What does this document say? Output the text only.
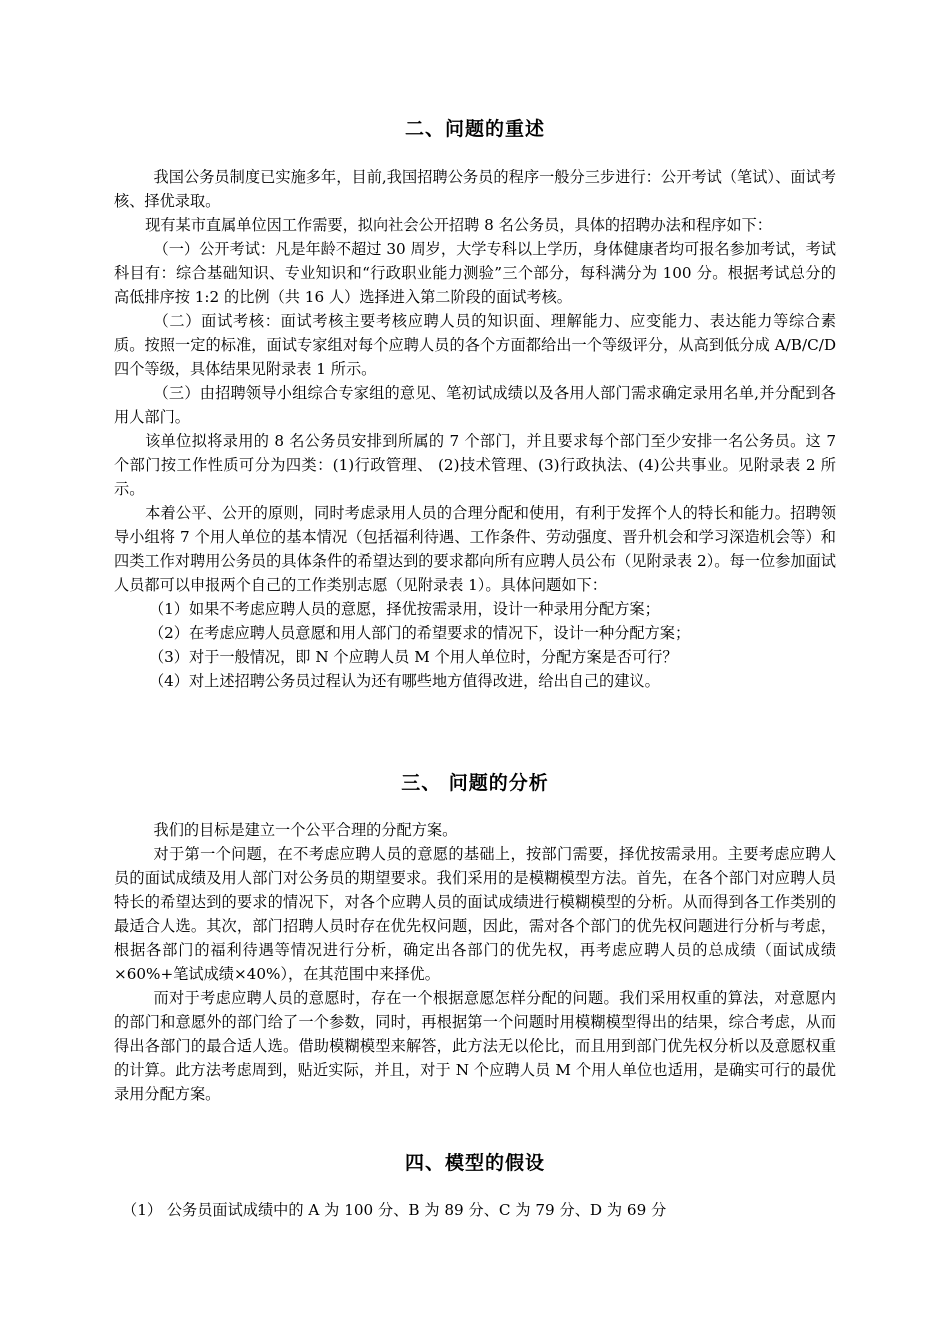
二、问题的重述

我国公务员制度已实施多年，目前,我国招聘公务员的程序一般分三步进行：公开考试（笔试）、面试考核、择优录取。

现有某市直属单位因工作需要，拟向社会公开招聘 8 名公务员，具体的招聘办法和程序如下：

（一）公开考试：凡是年龄不超过 30 周岁，大学专科以上学历，身体健康者均可报名参加考试，考试科目有：综合基础知识、专业知识和“行政职业能力测验”三个部分，每科满分为 100 分。根据考试总分的高低排序按 1:2 的比例（共 16 人）选择进入第二阶段的面试考核。

（二）面试考核：面试考核主要考核应聘人员的知识面、理解能力、应变能力、表达能力等综合素质。按照一定的标准，面试专家组对每个应聘人员的各个方面都给出一个等级评分，从高到低分成 A/B/C/D 四个等级，具体结果见附录表 1 所示。

（三）由招聘领导小组综合专家组的意见、笔初试成绩以及各用人部门需求确定录用名单,并分配到各用人部门。

该单位拟将录用的 8 名公务员安排到所属的 7 个部门，并且要求每个部门至少安排一名公务员。这 7 个部门按工作性质可分为四类：(1)行政管理、 (2)技术管理、(3)行政执法、(4)公共事业。见附录表 2 所示。

本着公平、公开的原则，同时考虑录用人员的合理分配和使用，有利于发挥个人的特长和能力。招聘领导小组将 7 个用人单位的基本情况（包括福利待遇、工作条件、劳动强度、晋升机会和学习深造机会等）和四类工作对聘用公务员的具体条件的希望达到的要求都向所有应聘人员公布（见附录表 2）。每一位参加面试人员都可以申报两个自己的工作类别志愿（见附录表 1）。具体问题如下：

（1）如果不考虑应聘人员的意愿，择优按需录用，设计一种录用分配方案；

（2）在考虑应聘人员意愿和用人部门的希望要求的情况下，设计一种分配方案；

（3）对于一般情况，即 N 个应聘人员 M 个用人单位时，分配方案是否可行？

（4）对上述招聘公务员过程认为还有哪些地方值得改进，给出自己的建议。

三、 问题的分析

我们的目标是建立一个公平合理的分配方案。

对于第一个问题，在不考虑应聘人员的意愿的基础上，按部门需要，择优按需录用。主要考虑应聘人员的面试成绩及用人部门对公务员的期望要求。我们采用的是模糊模型方法。首先，在各个部门对应聘人员特长的希望达到的要求的情况下，对各个应聘人员的面试成绩进行模糊模型的分析。从而得到各工作类别的最适合人选。其次，部门招聘人员时存在优先权问题，因此，需对各个部门的优先权问题进行分析与考虑，根据各部门的福利待遇等情况进行分析，确定出各部门的优先权，再考虑应聘人员的总成绩（面试成绩×60%+笔试成绩×40%），在其范围中来择优。

而对于考虑应聘人员的意愿时，存在一个根据意愿怎样分配的问题。我们采用权重的算法，对意愿内的部门和意愿外的部门给了一个参数，同时，再根据第一个问题时用模糊模型得出的结果，综合考虑，从而得出各部门的最合适人选。借助模糊模型来解答，此方法无以伦比，而且用到部门优先权分析以及意愿权重的计算。此方法考虑周到，贴近实际，并且，对于 N 个应聘人员 M 个用人单位也适用，是确实可行的最优录用分配方案。

四、模型的假设
（1） 公务员面试成绩中的 A 为 100 分、B 为 89 分、C 为 79 分、D 为 69 分
